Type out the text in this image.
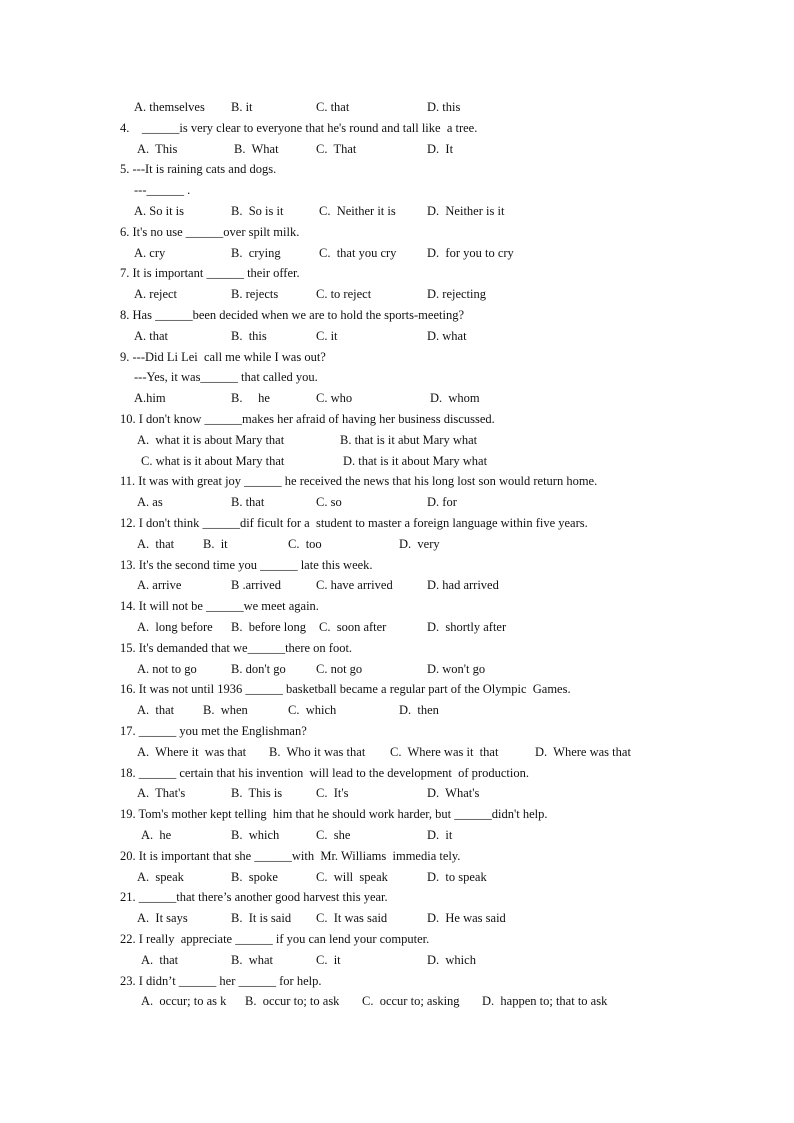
A. themselves B. it	C. that	D. this
4.    ______is very clear to everyone that he's round and tall like  a tree.
A.  This	B.  What	C.  That	D.  It
5. ---It is raining cats and dogs.
---______ .
A. So it is	B.  So is it	C.  Neither it is	D.  Neither is it
6. It's no use ______over spilt milk.
A. cry	B.  crying	C.  that you cry D.  for you to cry
7. It is important ______ their offer.
A. reject	B. rejects	C. to reject	D. rejecting
8. Has ______been decided when we are to hold the sports-meeting?
A. that	B.  this	C. it	D. what
9. ---Did Li Lei  call me while I was out?
---Yes, it was______ that called you.
A.him	B.     he	C. who	D.  whom
10. I don't know ______makes her afraid of having her business discussed.
A.  what it is about Mary that	B. that is it abut Mary what
C. what is it about Mary that	D. that is it about Mary what
11. It was with great joy ______ he received the news that his long lost son would return home.
A. as	B. that	C. so	D. for
12. I don't think ______dif ficult for a  student to master a foreign language within five years.
A.  that B.  it	C.  too	D.  very
13. It's the second time you ______ late this week.
A. arrive	B .arrived	C. have arrived	D. had arrived
14. It will not be ______we meet again.
A.  long before B.  before long C.  soon after	D.  shortly after
15. It's demanded that we______there on foot.
A. not to go	B. don't go C. not go	D. won't go
16. It was not until 1936 ______ basketball became a regular part of the Olympic  Games.
A.  that B.  when	C.  which	D.  then
17. ______ you met the Englishman?
A.  Where it  was that B.  Who it was that C.  Where was it  that	D.  Where was that
18. ______ certain that his invention  will lead to the development  of production.
A.  That's	B.  This is	C.  It's	D.  What's
19. Tom's mother kept telling  him that he should work harder, but ______didn't help.
A.  he	B.  which	C.  she	D.  it
20. It is important that she ______with  Mr. Williams  immedia tely.
A.  speak	B.  spoke	C.  will  speak	D.  to speak
21. ______that there’s another good harvest this year.
A.  It says	B.  It is said C.  It was said	D.  He was said
22. I really  appreciate ______ if you can lend your computer.
A.  that	B.  what	C.  it	D.  which
23. I didn’t ______ her ______ for help.
A.  occur; to as k B.  occur to; to ask C.  occur to; asking D.  happen to; that to ask
